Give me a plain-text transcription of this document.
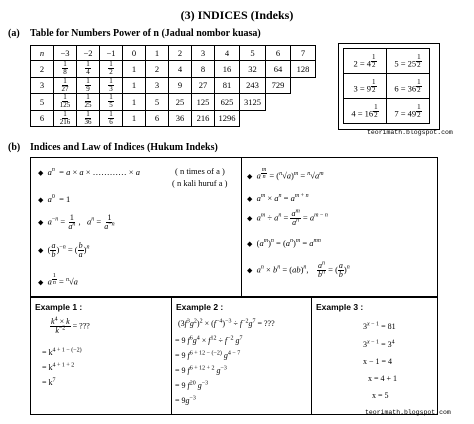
(3) INDICES (Indeks)
(a) Table for Numbers Power of n (Jadual nombor kuasa)
n	−3	−2	−1	0	1	2	3	4	5	6	7
2	$\frac{1}{8}$	$\frac{1}{4}$	$\frac{1}{2}$	1	2	4	8	16	32	64	128
3	$\frac{1}{27}$	$\frac{1}{9}$	$\frac{1}{3}$	1	3	9	27	81	243	729	
5	$\frac{1}{125}$	$\frac{1}{25}$	$\frac{1}{5}$	1	5	25	125	625	3125		
6	$\frac{1}{216}$	$\frac{1}{36}$	$\frac{1}{6}$	1	6	36	216	1296			
2 = 4 $^{\frac{1}{2}}$	5 = 25 $^{\frac{1}{2}}$

3 = 9 $^{\frac{1}{2}}$	6 = 36 $^{\frac{1}{2}}$

4 = 16 $^{\frac{1}{2}}$	7 = 49 $^{\frac{1}{2}}$
teorimath.blogspot.com
(b) Indices and Law of Indices (Hukum Indeks)
◆ $a^n = a \times a$ × ………… × a	( n times of a )
( n kali huruf a )
◆ $a^0 = 1$
◆ $a^{-n} = \frac{1}{a^n}$ ,   $a^n = \frac{1}{a^{-n}}$
◆  ( $\frac{a}{b} )^{-n}$ = ( $\frac{b}{a} )^n$
◆ a $^{\frac{1}{n}}$ = $^n$√a
◆ a $^{\frac{m}{n}} = (^n√a)^m = ^n√a^m$
◆ $a^m \times a^n = a^{m + n}$
◆ $a^m \div a^n = \frac{a^m}{a^n} = a^{m - n}$
◆  $(a^m)^n = (a^n)^m = a^{mn}$
◆ $a^n \times b^n = (ab)^n$, $\frac{a^n}{b^n}$ = ( $\frac{a}{b} )^n$
Example 1 :
$\frac{k^4 \times k}{k^{-2}}$ = ???
= $k^{4 + 1 - (-2)}$
= $k^{4 + 1 + 2}$
= $k^7$
Example 2 :
$(3f^3g^2)^2 \times (f^{-4})^{-3} \div f^{-2}g^7$ = ???
= 9 $f^6g^4 \times f^{12} \div f^{-2}$ $g^7$
= 9 $f^{6 + 12 - (-2)}$ $g^{4 - 7}$
= 9 $f^{6 + 12 + 2}$ $g^{-3}$
= 9 $f^{20}$ $g^{-3}$
= $9g^{-3}$
Example 3 :
$3^{x - 1} = 81$
$3^{x - 1} = 3^4$
x − 1 = 4
x = 4 + 1
x = 5
teorimath.blogspot.com
